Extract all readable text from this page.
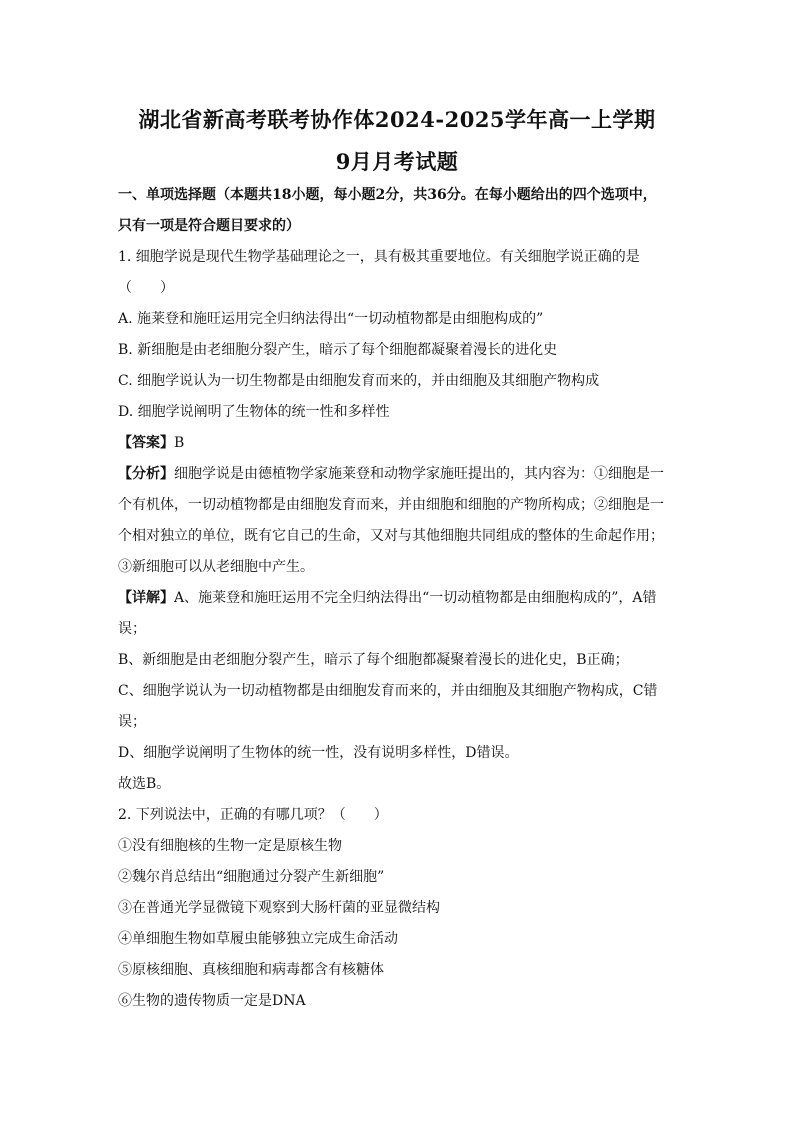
湖北省新高考联考协作体2024-2025学年高一上学期
9月月考试题
一、单项选择题（本题共18小题，每小题2分，共36分。在每小题给出的四个选项中，
只有一项是符合题目要求的）
1. 细胞学说是现代生物学基础理论之一，具有极其重要地位。有关细胞学说正确的是
（　　）
A. 施莱登和施旺运用完全归纳法得出“一切动植物都是由细胞构成的”
B. 新细胞是由老细胞分裂产生，暗示了每个细胞都凝聚着漫长的进化史
C. 细胞学说认为一切生物都是由细胞发育而来的，并由细胞及其细胞产物构成
D. 细胞学说阐明了生物体的统一性和多样性
【答案】B
【分析】细胞学说是由德植物学家施莱登和动物学家施旺提出的，其内容为：①细胞是一
个有机体，一切动植物都是由细胞发育而来，并由细胞和细胞的产物所构成；②细胞是一
个相对独立的单位，既有它自己的生命，又对与其他细胞共同组成的整体的生命起作用；
③新细胞可以从老细胞中产生。
【详解】A、施莱登和施旺运用不完全归纳法得出“一切动植物都是由细胞构成的”，A错
误；
B、新细胞是由老细胞分裂产生，暗示了每个细胞都凝聚着漫长的进化史，B正确；
C、细胞学说认为一切动植物都是由细胞发育而来的，并由细胞及其细胞产物构成，C错
误；
D、细胞学说阐明了生物体的统一性，没有说明多样性，D错误。
故选B。
2. 下列说法中，正确的有哪几项？（　　）
①没有细胞核的生物一定是原核生物
②魏尔肖总结出“细胞通过分裂产生新细胞”
③在普通光学显微镜下观察到大肠杆菌的亚显微结构
④单细胞生物如草履虫能够独立完成生命活动
⑤原核细胞、真核细胞和病毒都含有核糖体
⑥生物的遗传物质一定是DNA
